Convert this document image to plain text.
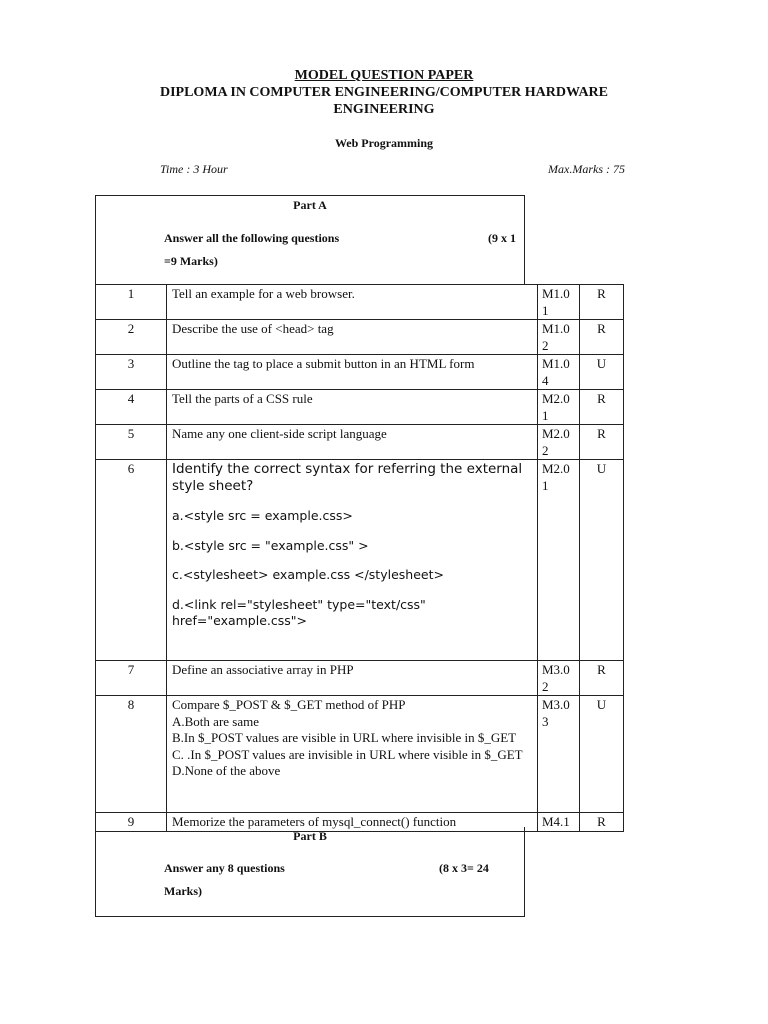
MODEL QUESTION PAPER
DIPLOMA IN COMPUTER ENGINEERING/COMPUTER HARDWARE
ENGINEERING
Web Programming
Time : 3 Hour	Max.Marks : 75
Part A
Answer all the following questions	(9 x 1
=9 Marks)
1	Tell an example for a web browser.	M1.0 1	R
2	Describe the use of <head> tag	M1.0 2	R
3	Outline the tag to place a submit button in an HTML form	M1.0 4	U
4	Tell the parts of a CSS rule	M2.0 1	R
5	Name any one client-side script language	M2.0 2	R
6	Identify the correct syntax for referring the external style sheet?
a.<style src = example.css>
b.<style src = "example.css" >
c.<stylesheet> example.css </stylesheet>
d.<link rel="stylesheet" type="text/css" href="example.css">	M2.0 1	U
7	Define an associative array in PHP	M3.0 2	R
8	Compare $_POST & $_GET method of PHP
A.Both are same
B.In $_POST values are visible in URL where invisible in $_GET
C. .In $_POST values are invisible in URL where visible in $_GET
D.None of the above	M3.0 3	U
9	Memorize the parameters of mysql_connect() function	M4.1	R
Part B
Answer any 8 questions	(8 x 3= 24
Marks)
